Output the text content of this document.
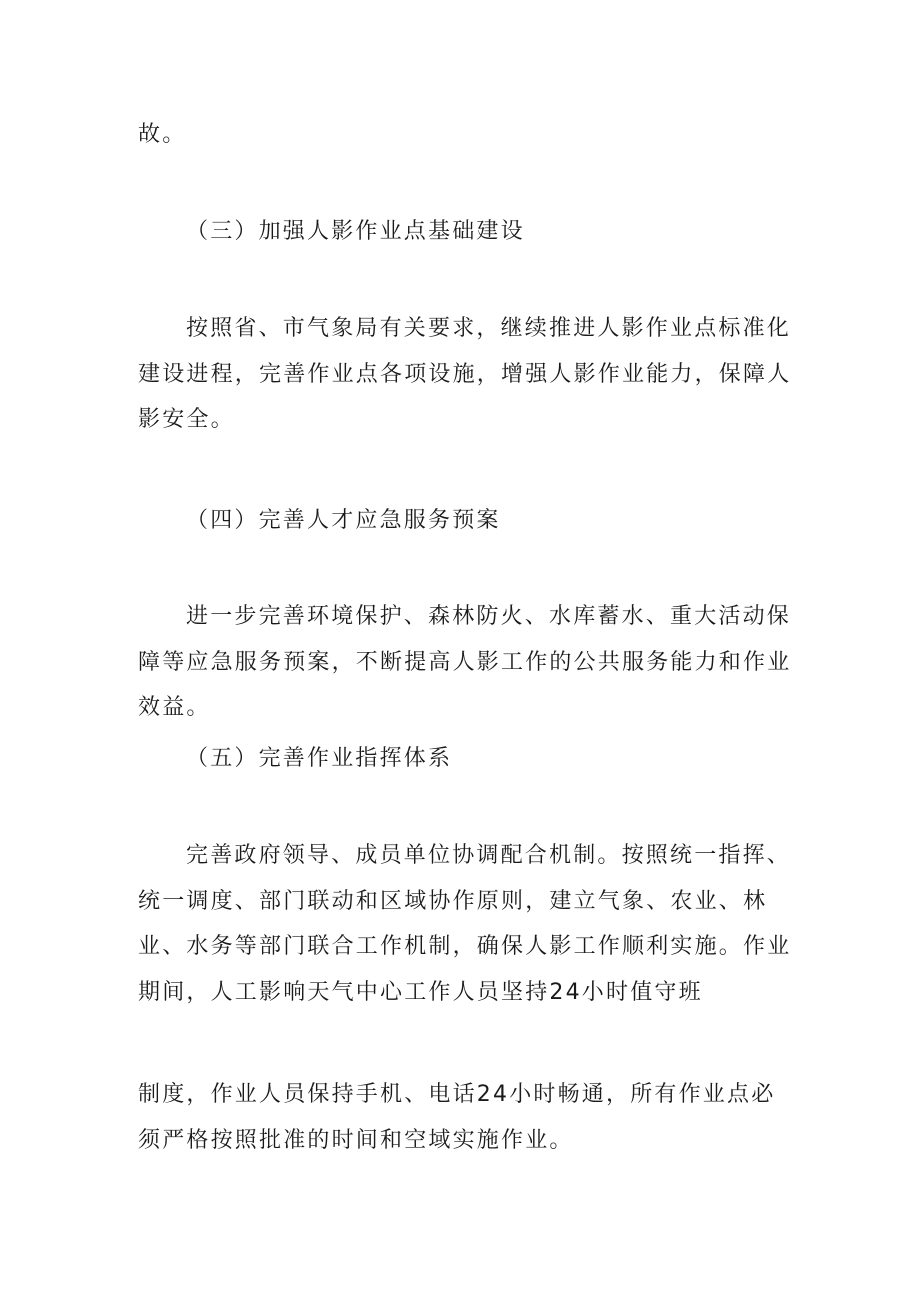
故。

（三）加强人影作业点基础建设

按照省、市气象局有关要求，继续推进人影作业点标准化建设进程，完善作业点各项设施，增强人影作业能力，保障人影安全。

（四）完善人才应急服务预案

进一步完善环境保护、森林防火、水库蓄水、重大活动保障等应急服务预案，不断提高人影工作的公共服务能力和作业效益。

（五）完善作业指挥体系

完善政府领导、成员单位协调配合机制。按照统一指挥、统一调度、部门联动和区域协作原则，建立气象、农业、林业、水务等部门联合工作机制，确保人影工作顺利实施。作业期间，人工影响天气中心工作人员坚持24小时值守班

制度，作业人员保持手机、电话24小时畅通，所有作业点必须严格按照批准的时间和空域实施作业。
